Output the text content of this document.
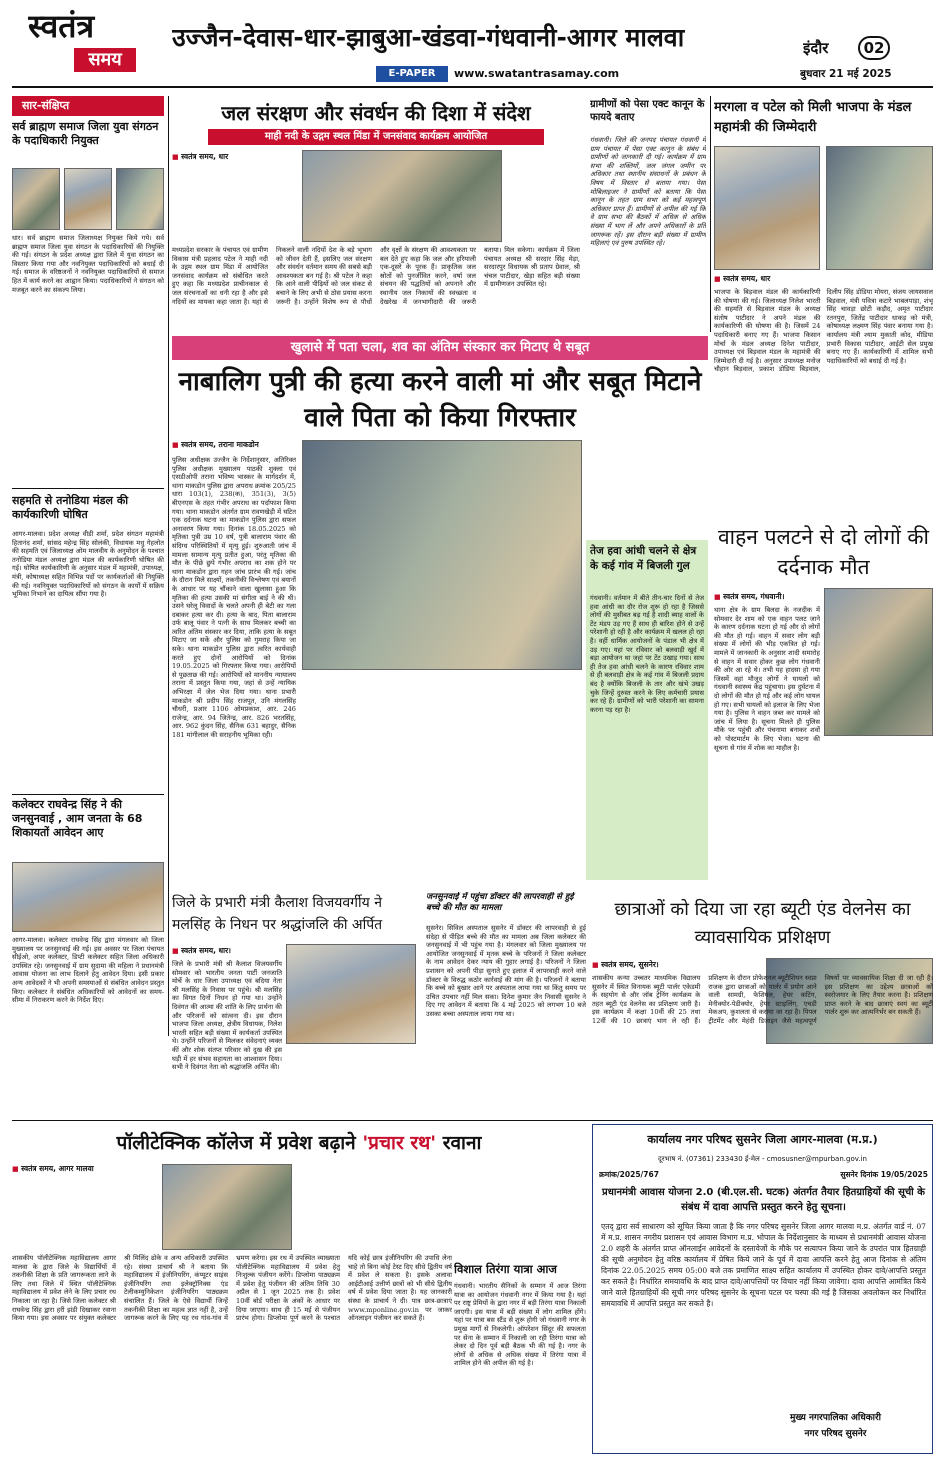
स्वतंत्र
समय
उज्जैन-देवास-धार-झाबुआ-खंडवा-गंधवानी-आगर मालवा
E-PAPER	www.swatantrasamay.com
इंदौर	02
बुधवार 21 मई 2025
सार-संक्षिप्त
सर्व ब्राह्मण समाज जिला युवा संगठन के पदाधिकारी नियुक्त
धार। सर्व ब्राह्मण समाज जिलाध्यक्ष नियुक्त किये गये। सर्व ब्राह्मण समाज जिला युवा संगठन के पदाधिकारियों की नियुक्ति की गई। संगठन के प्रदेश अध्यक्ष द्वारा जिले में युवा संगठन का विस्तार किया गया और नवनियुक्त पदाधिकारियों को बधाई दी गई। समाज के वरिष्ठजनों ने नवनियुक्त पदाधिकारियों से समाज हित में कार्य करने का आह्वान किया। पदाधिकारियों ने संगठन को मजबूत करने का संकल्प लिया।
सहमति से तनोडिया मंडल की कार्यकारिणी घोषित
आगर-मालवा। प्रदेश अध्यक्ष वीडी शर्मा, प्रदेश संगठन महामंत्री हितानंद शर्मा, सांसद महेन्द्र सिंह सोलंकी, विधायक मधु गेहलोत की सहमति एवं जिलाध्यक्ष ओम मालवीय के अनुमोदन के पश्चात तनोडिया मंडल अध्यक्ष द्वारा मंडल की कार्यकारिणी घोषित की गई। घोषित कार्यकारिणी के अनुसार मंडल में महामंत्री, उपाध्यक्ष, मंत्री, कोषाध्यक्ष सहित विभिन्न पदों पर कार्यकर्ताओं की नियुक्ति की गई। नवनियुक्त पदाधिकारियों को संगठन के कार्यों में सक्रिय भूमिका निभाने का दायित्व सौंपा गया है।
कलेक्टर राघवेन्द्र सिंह ने की जनसुनवाई , आम जनता के 68 शिकायतों आवेदन आए
आगर-मालवा। कलेक्टर राघवेन्द्र सिंह द्वारा मंगलवार को जिला मुख्यालय पर जनसुनवाई की गई। इस अवसर पर जिला पंचायत सीईओ, अपर कलेक्टर, डिप्टी कलेक्टर सहित जिला अधिकारी उपस्थित रहे। जनसुनवाई में ग्राम सुदामा की महिला ने प्रधानमंत्री आवास योजना का लाभ दिलाने हेतु आवेदन दिया। इसी प्रकार अन्य आवेदकों ने भी अपनी समस्याओं से संबंधित आवेदन प्रस्तुत किए। कलेक्टर ने संबंधित अधिकारियों को आवेदनों का समय-सीमा में निराकरण करने के निर्देश दिए।
जल संरक्षण और संवर्धन की दिशा में संदेश
माही नदी के उद्गम स्थल मिंडा में जनसंवाद कार्यक्रम आयोजित
■ स्वतंत्र समय, धार
मध्यप्रदेश सरकार के पंचायत एवं ग्रामीण विकास मंत्री प्रहलाद पटेल ने माही नदी के उद्गम स्थल ग्राम मिंडा में आयोजित जनसंवाद कार्यक्रम को संबोधित करते हुए कहा कि मध्यप्रदेश प्राचीनकाल से जल संरचनाओं का धनी रहा है और इसे नदियों का मायका कहा जाता है। यहां से निकलने वाली नदियों देश के बड़े भूभाग को जीवन देती हैं, इसलिए जल संरक्षण और संवर्धन वर्तमान समय की सबसे बड़ी आवश्यकता बन गई है। श्री पटेल ने कहा कि आने वाली पीढ़ियों को जल संकट से बचाने के लिए अभी से ठोस प्रयास करना जरूरी है। उन्होंने विशेष रूप से पौधों और वृक्षों के संरक्षण की आवश्यकता पर बल देते हुए कहा कि जल और हरियाली एक-दूसरे के पूरक हैं। प्राकृतिक जल स्रोतों को पुनर्जीवित करने, वर्षा जल संचयन की पद्धतियों को अपनाने और स्थानीय जल निकायों की स्वच्छता व देखरेख में जनभागीदारी की जरूरी बताया। मिल सकेगा। कार्यक्रम में जिला पंचायत अध्यक्ष श्री सरदार सिंह मेड़ा, सरदारपुर विधायक श्री प्रताप ग्रेवाल, श्री चंचल पाटीदार, खेड़ा सहित बड़ी संख्या में ग्रामीणजन उपस्थित रहे।
ग्रामीणों को पेसा एक्ट कानून के फायदे बताए
गंधवानी। जिले की जनपद पंचायत गंधवानी में ग्राम पंचायत में पेसा एक्ट कानून के संबंध में ग्रामीणों को जानकारी दी गई। कार्यक्रम में ग्राम सभा की शक्तियों, जल जंगल जमीन पर अधिकार तथा स्थानीय संसाधनों के प्रबंधन के विषय में विस्तार से बताया गया। पेसा मोबिलाइजर ने ग्रामीणों को बताया कि पेसा कानून के तहत ग्राम सभा को कई महत्वपूर्ण अधिकार प्राप्त हैं। ग्रामीणों से अपील की गई कि वे ग्राम सभा की बैठकों में अधिक से अधिक संख्या में भाग लें और अपने अधिकारों के प्रति जागरूक रहें। इस दौरान बड़ी संख्या में ग्रामीण महिलाएं एवं पुरुष उपस्थित रहे।
मरगला व पटेल को मिली भाजपा के मंडल महामंत्री की जिम्मेदारी
■ स्वतंत्र समय, धार
भाजपा के बिड़वाल मंडल की कार्यकारिणी की घोषणा की गई। जिलाध्यक्ष निलेश भारती की सहमति से बिड़वाल मंडल के अध्यक्ष संतोष पाटीदार ने अपने मंडल की कार्यकारिणी की घोषणा की है। जिसमें 24 पदाधिकारी बनाए गए हैं। भाजपा किसान मोर्चा के मंडल अध्यक्ष दिनेश पाटीदार, उपाध्यक्ष एवं बिड़वाल मंडल के महामंत्री की जिम्मेदारी दी गई है। अनुसार उपाध्यक्ष मनोज चौहान बिड़वाल, प्रकाश डोडिया बिड़वाल, दिलीप सिंह डोडिया मोयरा, संजय जायसवाल बिड़वाल, मंत्री पवित्रा कटारे भाबलपाड़ा, शंभू सिंह चावड़ा छोटी कड़ौद, अमृत पाटीदार रतनपुरा, जितेंद्र पाटीदार धाकड़ को मंत्री, कोषाध्यक्ष लक्ष्मण सिंह पंवार बनाया गया है। कार्यालय मंत्री श्याम मुकाती कोद, मीडिया प्रभारी विकास पाटीदार, आईटी सेल प्रमुख बनाए गए हैं। कार्यकारिणी में शामिल सभी पदाधिकारियों को बधाई दी गई है।
खुलासे में पता चला, शव का अंतिम संस्कार कर मिटाए थे सबूत
नाबालिग पुत्री की हत्या करने वाली मां और सबूत मिटाने वाले पिता को किया गिरफ्तार
■ स्वतंत्र समय, तराना माकडोन
पुलिस अधीक्षक उज्जैन के निर्देशानुसार, अतिरिक्त पुलिस अधीक्षक मुख्यालय पाठकी शुक्ला एवं एसडीओपी तराना भविष्य भास्कर के मार्गदर्शन में, थाना माकडोन पुलिस द्वारा अपराध क्रमांक 205/25 धारा 103(1), 238(क), 351(3), 3(5) बीएनएस के तहत गंभीर अपराध का पर्दाफाश किया गया। थाना माकडोन अंतर्गत ग्राम रावणखेड़ी में घटित एक दर्दनाक घटना का माकडोन पुलिस द्वारा सफल अनावरण किया गया। दिनांक 18.05.2025 को मृतिका पुत्री उम्र 10 वर्ष, पुत्री बालाराम पंवार की संदिग्ध परिस्थितियों में मृत्यु हुई। शुरुआती जांच में मामला सामान्य मृत्यु प्रतीत हुआ, परंतु मृतिका की मौत के पीछे छुपे गंभीर अपराध का शक होने पर थाना माकडोन द्वारा गहन जांच प्रारंभ की गई। जांच के दौरान मिले साक्ष्यों, तकनीकी विश्लेषण एवं बयानों के आधार पर यह चौंकाने वाला खुलासा हुआ कि मृतिका की हत्या उसकी मां संगीता बाई ने की थी। उसने घरेलू विवादों के चलते अपनी ही बेटी का गला दबाकर हत्या कर दी। हत्या के बाद, पिता बालाराम उर्फ बालू पंवार ने पत्नी के साथ मिलकर बच्ची का त्वरित अंतिम संस्कार कर दिया, ताकि हत्या के सबूत मिटाए जा सकें और पुलिस को गुमराह किया जा सके। थाना माकडोन पुलिस द्वारा त्वरित कार्यवाही करते हुए दोनों आरोपियों को दिनांक 19.05.2025 को गिरफ्तार किया गया। आरोपियों से पूछताछ की गई। आरोपियों को माननीय न्यायालय तराना में प्रस्तुत किया गया, जहां से उन्हें न्यायिक अभिरक्षा में जेल भेज दिया गया। थाना प्रभारी माकडोन श्री प्रदीप सिंह राजपूत, उनि मंगलसिंह चौधरी, प्रआर 1106 ओमप्रकाश, आर. 246 राजेन्द्र, आर. 94 जितेन्द्र, आर. 826 भरतसिंह, आर. 962 कुंदन सिंह, सैनिक 631 बहादुर, सैनिक 181 मांगीलाल की सराहनीय भूमिका रही।
तेज हवा आंधी चलने से क्षेत्र के कई गांव में बिजली गुल
गंधवानी। वर्तमान में बीते तीन-चार दिनों से तेज हवा आंधी का दौर रोज शुरू हो रहा है जिससे लोगों की मुसीबत बढ़ गई है शादी ब्याह वालों के टेंट मंडप उड़ गए हैं साथ ही बारिश होने से उन्हें परेशानी हो रही है और कार्यक्रम में खलल हो रहा है। वहीं धार्मिक आयोजनों के पंडाल भी क्षेत्र में उड़ गए। यहां पर रविवार को बलवाड़ी खुर्द में बड़ा आयोजन था जहां पर टेंट उखाड़ गया। साथ ही तेज हवा आंधी चलने के कारण रविवार शाम से ही बलवाड़ी क्षेत्र के कई गांव में बिजली प्रदाय बंद है क्योंकि बिजली के तार और खंभे उखड़ चुके जिन्हें दुरुस्त करने के लिए कर्मचारी प्रयास कर रहे हैं। ग्रामीणों को भारी परेशानी का सामना करना पड़ रहा है।
वाहन पलटने से दो लोगों की दर्दनाक मौत
■ स्वतंत्र समय, गंधवानी।
थाना क्षेत्र के ग्राम बिलदा के नजदीक में सोमवार देर शाम को एक वाहन पलट जाने के कारण दर्दनाक घटना हो गई और दो लोगों की मौत हो गई। वाहन में सवार लोग बड़ी संख्या में लोगों की भीड़ एकत्रित हो गई। मामले में जानकारी के अनुसार शादी समारोह से वाहन में सवार होकर कुछ लोग गंधवानी की ओर आ रहे थे। तभी यह हादसा हो गया जिसमें वहां मौजूद लोगों ने घायलों को गंधवानी स्वास्थ्य केंद्र पहुंचाया। इस दुर्घटना में दो लोगों की मौत हो गई और कई लोग घायल हो गए। सभी घायलों को इलाज के लिए भेजा गया है। पुलिस ने वाहन जब्त कर मामले को जांच में लिया है। सूचना मिलते ही पुलिस मौके पर पहुंची और पंचनामा बनाकर शवों को पोस्टमार्टम के लिए भेजा। घटना की सूचना से गांव में शोक का माहौल है।
जिले के प्रभारी मंत्री कैलाश विजयवर्गीय ने मलसिंह के निधन पर श्रद्धांजलि की अर्पित
■ स्वतंत्र समय, धार।
जिले के प्रभारी मंत्री श्री कैलाश विजयवर्गीय सोमवार को भारतीय जनता पार्टी जनजाति मोर्चे के धार जिला उपाध्यक्ष एवं बदिया नेता श्री मलसिंह के निवास पर पहुंचे। श्री मलसिंह का विगत दिनों निधन हो गया था। उन्होंने दिवंगत की आत्मा की शांति के लिए प्रार्थना की और परिजनों को सांत्वना दी। इस दौरान भाजपा जिला अध्यक्ष, क्षेत्रीय विधायक, निलेश भारती सहित बड़ी संख्या में कार्यकर्ता उपस्थित थे। उन्होंने परिजनों से मिलकर संवेदनाएं व्यक्त कीं और शोक संतप्त परिवार को दुख की इस घड़ी में हर संभव सहायता का आश्वासन दिया। सभी ने दिवंगत नेता को श्रद्धांजलि अर्पित की।
जनसुनवाई में पहुंचा डॉक्टर की लापरवाही से हुई बच्चे की मौत का मामला
सुसनेर। सिविल अस्पताल सुसनेर में डॉक्टर की लापरवाही से हुई संदेहा से पीड़ित बच्चे की मौत का मामला अब जिला कलेक्टर की जनसुनवाई में भी पहुंच गया है। मंगलवार को जिला मुख्यालय पर आयोजित जनसुनवाई में मृतक बच्चे के परिजनों ने जिला कलेक्टर के नाम आवेदन देकर न्याय की गुहार लगाई है। परिजनों ने जिला प्रशासन को अपनी पीड़ा सुनाते हुए इलाज में लापरवाही करने वाले डॉक्टर के विरुद्ध कठोर कार्रवाई की मांग की है। परिजनों ने बताया कि बच्चे को बुखार आने पर अस्पताल लाया गया था किंतु समय पर उचित उपचार नहीं मिल सका। दिनेश कुमार जैन निवासी सुसनेर ने दिए गए आवेदन में बताया कि 4 मई 2025 को लगभग 10 बजे उसका बच्चा अस्पताल लाया गया था।
छात्राओं को दिया जा रहा ब्यूटी एंड वेलनेस का व्यावसायिक प्रशिक्षण
■ स्वतंत्र समय, सुसनेर।
शासकीय कन्या उच्चतर माध्यमिक विद्यालय सुसनेर में स्थित विनायक ब्यूटी पार्लर एकेडमी के सहयोग से और जॉब ट्रेनिंग कार्यक्रम के तहत ब्यूटी एंड वेलनेस का प्रशिक्षण जारी है। इस कार्यक्रम में कक्षा 10वीं की 25 तथा 12वीं की 10 छात्राएं भाग ले रही हैं। प्रशिक्षण के दौरान प्रोफेशनल ब्यूटीशियन स्वप्ना राजक द्वारा छात्राओं को पार्लर में प्रयोग आने वाली सामग्री, फेशियल, हेयर कटिंग, मेनीक्योर-पेडीक्योर, हेयर स्टाइलिंग, एचडी मेकअप, कुशलता से कराया जा रहा है। पिपल ट्रीटमेंट और मेहंदी डिजाइन जैसे महत्वपूर्ण विषयों पर व्यावसायिक शिक्षा दी जा रही है। इस प्रशिक्षण का उद्देश्य छात्राओं को स्वरोजगार के लिए तैयार करना है। प्रशिक्षण प्राप्त करने के बाद छात्राएं स्वयं का ब्यूटी पार्लर शुरू कर आत्मनिर्भर बन सकती हैं।
पॉलीटेक्निक कॉलेज में प्रवेश बढ़ाने 'प्रचार रथ' रवाना
■ स्वतंत्र समय, आगर मालवा
शासकीय पॉलीटेक्निक महाविद्यालय आगर मालवा के द्वारा जिले के विद्यार्थियों में तकनीकी शिक्षा के प्रति जागरूकता लाने के लिए तथा जिले में स्थित पॉलीटेक्निक महाविद्यालय में प्रवेश लेने के लिए प्रचार रथ निकाला जा रहा है। जिसे जिला कलेक्टर श्री राघवेन्द्र सिंह द्वारा हरी झंडी दिखाकर रवाना किया गया। इस अवसर पर संयुक्त कलेक्टर श्री मिलिंद ढोके व अन्य अधिकारी उपस्थित रहे। संस्था प्राचार्य श्री ने बताया कि महाविद्यालय में इंजीनियरिंग, कंप्यूटर साइंस इंजीनियरिंग तथा इलेक्ट्रॉनिक्स एंड टेलीकम्युनिकेशन इंजीनियरिंग पाठ्यक्रम संचालित हैं। जिले के ऐसे विद्यार्थी जिन्हें तकनीकी शिक्षा का महत्व ज्ञात नहीं है, उन्हें जागरूक करने के लिए यह रथ गांव-गांव में भ्रमण करेगा। इस रथ में उपस्थित व्याख्याता पॉलीटेक्निक महाविद्यालय में प्रवेश हेतु निःशुल्क पंजीयन करेंगे। डिप्लोमा पाठ्यक्रम में प्रवेश हेतु पंजीयन की अंतिम तिथि 30 अप्रैल से 1 जून 2025 तक है। प्रवेश 10वीं बोर्ड परीक्षा के अंकों के आधार पर दिया जाएगा। साथ ही 15 मई से पंजीयन प्रारंभ होगा। डिप्लोमा पूर्ण करने के पश्चात यदि कोई छात्र इंजीनियरिंग की उपाधि लेना चाहे तो बिना कोई टेस्ट दिए सीधे द्वितीय वर्ष में प्रवेश ले सकता है। इसके अलावा आईटीआई उत्तीर्ण छात्रों को भी सीधे द्वितीय वर्ष में प्रवेश दिया जाता है। यह जानकारी संस्था के प्राचार्य ने दी। पात्र छात्र-छात्राएं www.mponline.gov.in पर जाकर ऑनलाइन पंजीयन कर सकते हैं।
विशाल तिरंगा यात्रा आज
गंधवानी। भारतीय सैनिकों के सम्मान में आज तिरंगा यात्रा का आयोजन गंधवानी नगर में किया गया है। यहां पर राष्ट्र प्रेमियों के द्वारा नगर में बड़ी तिरंगा यात्रा निकाली जाएगी। इस यात्रा में बड़ी संख्या में लोग शामिल होंगे। यहां पर यात्रा बस स्टैंड से शुरू होगी जो गंधवानी नगर के प्रमुख मार्गों से निकलेगी। ऑपरेशन सिंदूर की सफलता पर सेना के सम्मान में निकाली जा रही तिरंगा यात्रा को लेकर दो दिन पूर्व बड़ी बैठक भी की गई है। नगर के लोगों से अधिक से अधिक संख्या में तिरंगा यात्रा में शामिल होने की अपील की गई है।
कार्यालय नगर परिषद सुसनेर जिला आगर-मालवा (म.प्र.)
दूरभाष नं. (07361) 233430 ई-मेल - cmosusner@mpurban.gov.in
क्रमांक/2025/767	सुसनेर दिनांक 19/05/2025
प्रधानमंत्री आवास योजना 2.0 (बी.एल.सी. घटक) अंतर्गत तैयार हितग्राहियों की सूची के संबंध में दावा आपत्ति प्रस्तुत करने हेतु सूचना।
एतद् द्वारा सर्व साधारण को सूचित किया जाता है कि नगर परिषद सुसनेर जिला आगर मालवा म.प्र. अंतर्गत वार्ड नं. 07 में म.प्र. शासन नगरीय प्रशासन एवं आवास विभाग म.प्र. भोपाल के निर्देशानुसार के माध्यम से प्रधानमंत्री आवास योजना 2.0 शहरी के अंतर्गत प्राप्त ऑनलाईन आवेदनों के दस्तावेजों के मौके पर सत्यापन किया जाने के उपरांत पात्र हितग्राही की सूची अनुमोदन हेतु वरिष्ठ कार्यालय में प्रेषित किये जाने के पूर्व में दावा आपत्ति करने हेतु आज दिनांक से अंतिम दिनांक 22.05.2025 समय 05:00 बजे तक प्रमाणित साक्ष्य सहित कार्यालय में उपस्थित होकर दावे/आपत्ति प्रस्तुत कर सकते है। निर्धारित समयावधि के बाद प्राप्त दावे/आपत्तियों पर विचार नहीं किया जावेगा। दावा आपत्ति आमंत्रित किये जाने वाले हितग्राहियों की सूची नगर परिषद सुसनेर के सूचना पटल पर चस्पा की गई है जिसका अवलोकन कर निर्धारित समयावधि में आपत्ति प्रस्तुत कर सकते है।
मुख्य नगरपालिका अधिकारी
नगर परिषद सुसनेर
